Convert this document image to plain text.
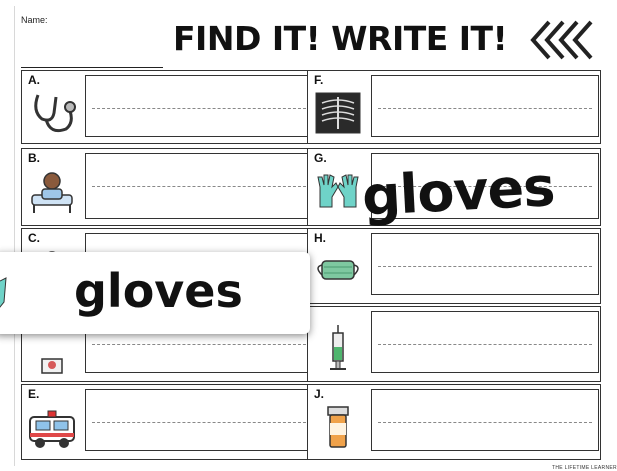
Name:	FIND IT! WRITE IT!
A.
B.
C.
E.
F.
G.
H.
J.
THE LIFETIME LEARNER
gloves
gloves
